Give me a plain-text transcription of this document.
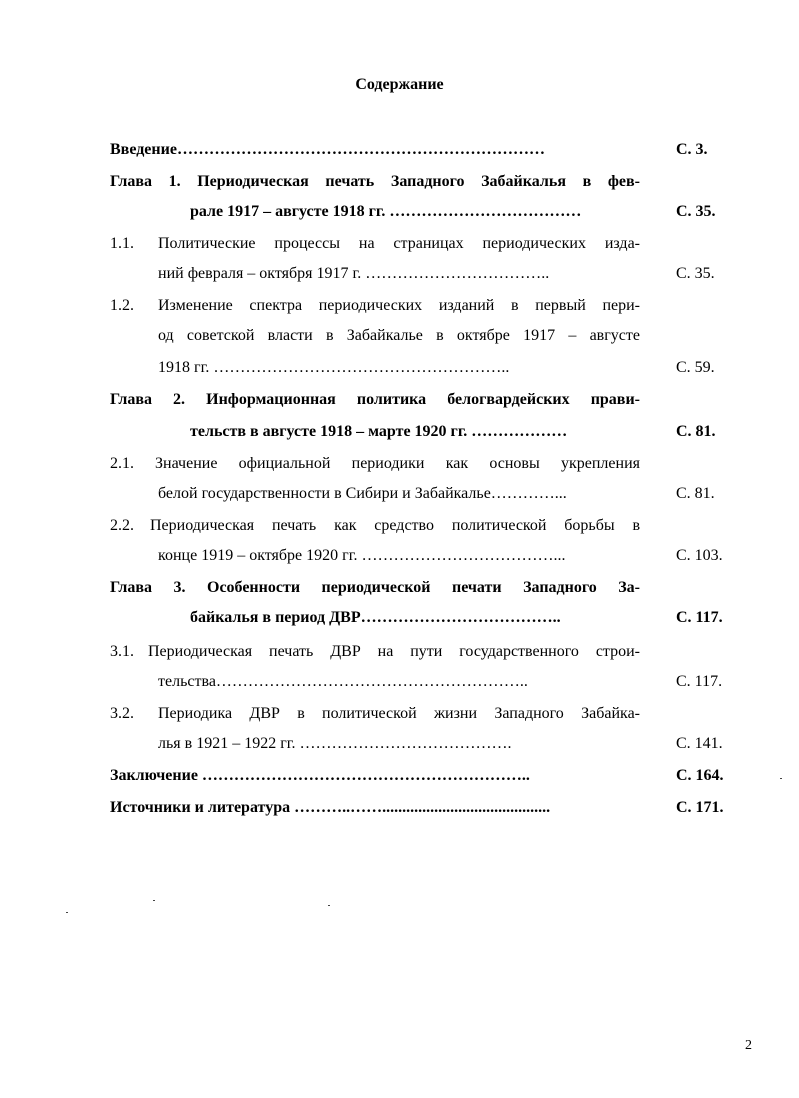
Содержание
Введение……………………………………………………………	С. 3.
Глава 1. Периодическая печать Западного Забайкалья в фев-
рале 1917 – августе 1918 гг. ………………………………	С. 35.
1.1. Политические процессы на страницах периодических изда-
ний февраля – октября 1917 г. ……………………………..	С. 35.
1.2. Изменение спектра периодических изданий в первый пери-
од советской власти в Забайкалье в октябре 1917 – августе
1918 гг. ………………………………………………..	С. 59.
Глава 2. Информационная политика белогвардейских прави-
тельств в августе 1918 – марте 1920 гг. ………………	С. 81.
2.1. Значение официальной периодики как основы укрепления
белой государственности в Сибири и Забайкалье…………...	С. 81.
2.2. Периодическая печать как средство политической борьбы в
конце 1919 – октябре 1920 гг. ………………………………...	С. 103.
Глава 3. Особенности периодической печати Западного За-
байкалья в период ДВР………………………………..	С. 117.
3.1. Периодическая печать ДВР на пути государственного строи-
тельства…………………………………………………..	С. 117.
3.2. Периодика ДВР в политической жизни Западного Забайка-
лья в 1921 – 1922 гг. ………………………………….	С. 141.
Заключение ……………………………………………………..	С. 164.
Источники и литература ………..……..........................................	С. 171.
2
